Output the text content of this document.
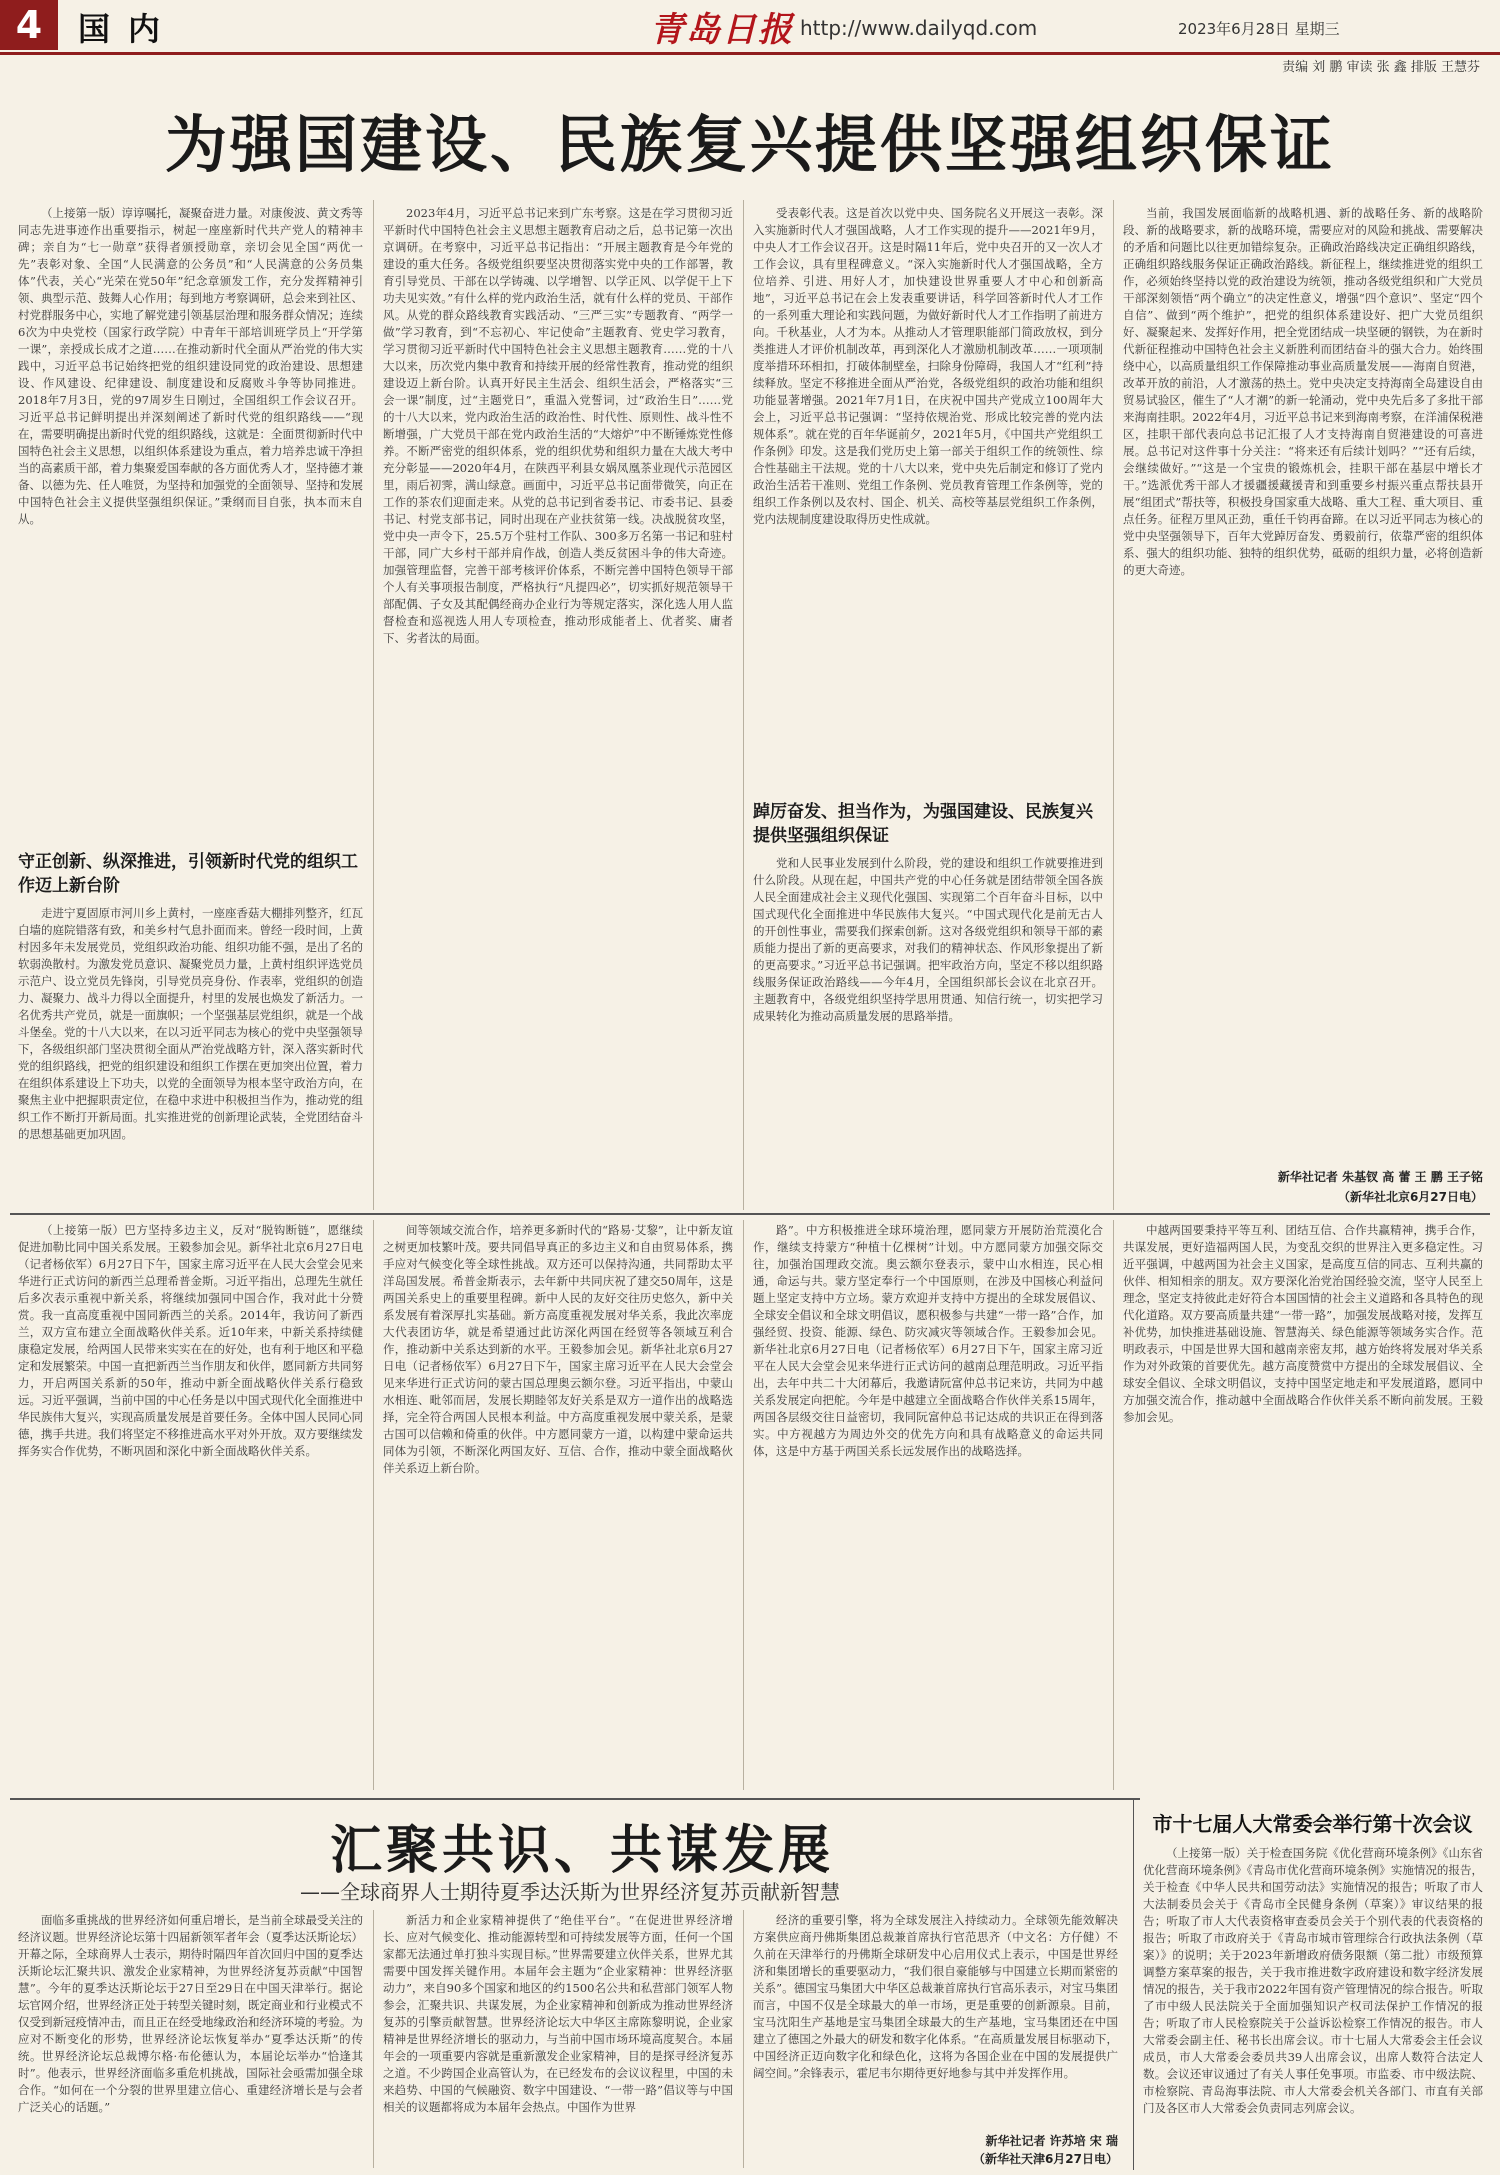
4	国内	青岛日报 http://www.dailyqd.com	2023年6月28日 星期三
责编 刘 鹏 审读 张 鑫 排版 王慧芬
为强国建设、民族复兴提供坚强组织保证

（上接第一版）谆谆嘱托，凝聚奋进力量。对康俊波、黄文秀等同志先进事迹作出重要指示，树起一座座新时代共产党人的精神丰碑；亲自为“七一勋章”获得者颁授勋章，亲切会见全国“两优一先”表彰对象、全国“人民满意的公务员”和“人民满意的公务员集体”代表，关心“光荣在党50年”纪念章颁发工作，充分发挥精神引领、典型示范、鼓舞人心作用；每到地方考察调研，总会来到社区、村党群服务中心，实地了解党建引领基层治理和服务群众情况；连续6次为中央党校（国家行政学院）中青年干部培训班学员上“开学第一课”，亲授成长成才之道……在推动新时代全面从严治党的伟大实践中，习近平总书记始终把党的组织建设同党的政治建设、思想建设、作风建设、纪律建设、制度建设和反腐败斗争等协同推进。2018年7月3日，党的97周岁生日刚过，全国组织工作会议召开。习近平总书记鲜明提出并深刻阐述了新时代党的组织路线——“现在，需要明确提出新时代党的组织路线，这就是：全面贯彻新时代中国特色社会主义思想，以组织体系建设为重点，着力培养忠诚干净担当的高素质干部，着力集聚爱国奉献的各方面优秀人才，坚持德才兼备、以德为先、任人唯贤，为坚持和加强党的全面领导、坚持和发展中国特色社会主义提供坚强组织保证。”秉纲而目自张，执本而末自从。

守正创新、纵深推进，引领新时代党的组织工作迈上新台阶

走进宁夏固原市河川乡上黄村，一座座香菇大棚排列整齐，红瓦白墙的庭院错落有致，和美乡村气息扑面而来。曾经一段时间，上黄村因多年未发展党员，党组织政治功能、组织功能不强，是出了名的软弱涣散村。为激发党员意识、凝聚党员力量，上黄村组织评选党员示范户、设立党员先锋岗，引导党员亮身份、作表率，党组织的创造力、凝聚力、战斗力得以全面提升，村里的发展也焕发了新活力。一名优秀共产党员，就是一面旗帜；一个坚强基层党组织，就是一个战斗堡垒。党的十八大以来，在以习近平同志为核心的党中央坚强领导下，各级组织部门坚决贯彻全面从严治党战略方针，深入落实新时代党的组织路线，把党的组织建设和组织工作摆在更加突出位置，着力在组织体系建设上下功夫，以党的全面领导为根本坚守政治方向，在聚焦主业中把握职责定位，在稳中求进中积极担当作为，推动党的组织工作不断打开新局面。扎实推进党的创新理论武装，全党团结奋斗的思想基础更加巩固。

2023年4月，习近平总书记来到广东考察。这是在学习贯彻习近平新时代中国特色社会主义思想主题教育启动之后，总书记第一次出京调研。在考察中，习近平总书记指出：“开展主题教育是今年党的建设的重大任务。各级党组织要坚决贯彻落实党中央的工作部署，教育引导党员、干部在以学铸魂、以学增智、以学正风、以学促干上下功夫见实效。”有什么样的党内政治生活，就有什么样的党员、干部作风。从党的群众路线教育实践活动、“三严三实”专题教育、“两学一做”学习教育，到“不忘初心、牢记使命”主题教育、党史学习教育，学习贯彻习近平新时代中国特色社会主义思想主题教育……党的十八大以来，历次党内集中教育和持续开展的经常性教育，推动党的组织建设迈上新台阶。认真开好民主生活会、组织生活会，严格落实“三会一课”制度，过“主题党日”，重温入党誓词，过“政治生日”……党的十八大以来，党内政治生活的政治性、时代性、原则性、战斗性不断增强，广大党员干部在党内政治生活的“大熔炉”中不断锤炼党性修养。不断严密党的组织体系，党的组织优势和组织力量在大战大考中充分彰显——2020年4月，在陕西平利县女娲凤凰茶业现代示范园区里，雨后初霁，满山绿意。画面中，习近平总书记面带微笑，向正在工作的茶农们迎面走来。从党的总书记到省委书记、市委书记、县委书记、村党支部书记，同时出现在产业扶贫第一线。决战脱贫攻坚，党中央一声令下，25.5万个驻村工作队、300多万名第一书记和驻村干部，同广大乡村干部并肩作战，创造人类反贫困斗争的伟大奇迹。加强管理监督，完善干部考核评价体系，不断完善中国特色领导干部个人有关事项报告制度，严格执行“凡提四必”，切实抓好规范领导干部配偶、子女及其配偶经商办企业行为等规定落实，深化选人用人监督检查和巡视选人用人专项检查，推动形成能者上、优者奖、庸者下、劣者汰的局面。

受表彰代表。这是首次以党中央、国务院名义开展这一表彰。深入实施新时代人才强国战略，人才工作实现的提升——2021年9月，中央人才工作会议召开。这是时隔11年后，党中央召开的又一次人才工作会议，具有里程碑意义。“深入实施新时代人才强国战略，全方位培养、引进、用好人才，加快建设世界重要人才中心和创新高地”，习近平总书记在会上发表重要讲话，科学回答新时代人才工作的一系列重大理论和实践问题，为做好新时代人才工作指明了前进方向。千秋基业，人才为本。从推动人才管理职能部门简政放权，到分类推进人才评价机制改革，再到深化人才激励机制改革……一项项制度举措环环相扣，打破体制壁垒，扫除身份障碍，我国人才“红利”持续释放。坚定不移推进全面从严治党，各级党组织的政治功能和组织功能显著增强。2021年7月1日，在庆祝中国共产党成立100周年大会上，习近平总书记强调：“坚持依规治党、形成比较完善的党内法规体系”。就在党的百年华诞前夕，2021年5月，《中国共产党组织工作条例》印发。这是我们党历史上第一部关于组织工作的统领性、综合性基础主干法规。党的十八大以来，党中央先后制定和修订了党内政治生活若干准则、党组工作条例、党员教育管理工作条例等，党的组织工作条例以及农村、国企、机关、高校等基层党组织工作条例，党内法规制度建设取得历史性成就。

踔厉奋发、担当作为，为强国建设、民族复兴提供坚强组织保证

党和人民事业发展到什么阶段，党的建设和组织工作就要推进到什么阶段。从现在起，中国共产党的中心任务就是团结带领全国各族人民全面建成社会主义现代化强国、实现第二个百年奋斗目标，以中国式现代化全面推进中华民族伟大复兴。“中国式现代化是前无古人的开创性事业，需要我们探索创新。这对各级党组织和领导干部的素质能力提出了新的更高要求，对我们的精神状态、作风形象提出了新的更高要求。”习近平总书记强调。把牢政治方向，坚定不移以组织路线服务保证政治路线——今年4月，全国组织部长会议在北京召开。主题教育中，各级党组织坚持学思用贯通、知信行统一，切实把学习成果转化为推动高质量发展的思路举措。

当前，我国发展面临新的战略机遇、新的战略任务、新的战略阶段、新的战略要求，新的战略环境，需要应对的风险和挑战、需要解决的矛盾和问题比以往更加错综复杂。正确政治路线决定正确组织路线，正确组织路线服务保证正确政治路线。新征程上，继续推进党的组织工作，必须始终坚持以党的政治建设为统领，推动各级党组织和广大党员干部深刻领悟“两个确立”的决定性意义，增强“四个意识”、坚定“四个自信”、做到“两个维护”，把党的组织体系建设好、把广大党员组织好、凝聚起来、发挥好作用，把全党团结成一块坚硬的钢铁，为在新时代新征程推动中国特色社会主义新胜利而团结奋斗的强大合力。始终围绕中心，以高质量组织工作保障推动事业高质量发展——海南自贸港，改革开放的前沿，人才激荡的热土。党中央决定支持海南全岛建设自由贸易试验区，催生了“人才潮”的新一轮涌动，党中央先后多了多批干部来海南挂职。2022年4月，习近平总书记来到海南考察，在洋浦保税港区，挂职干部代表向总书记汇报了人才支持海南自贸港建设的可喜进展。总书记对这件事十分关注：“将来还有后续计划吗？”“还有后续，会继续做好。”“这是一个宝贵的锻炼机会，挂职干部在基层中增长才干。”选派优秀干部人才援疆援藏援青和到重要乡村振兴重点帮扶县开展“组团式”帮扶等，积极投身国家重大战略、重大工程、重大项目、重点任务。征程万里风正劲，重任千钧再奋蹄。在以习近平同志为核心的党中央坚强领导下，百年大党踔厉奋发、勇毅前行，依靠严密的组织体系、强大的组织功能、独特的组织优势，砥砺的组织力量，必将创造新的更大奇迹。

新华社记者 朱基钗 高 蕾 王 鹏 王子铭
（新华社北京6月27日电）

（上接第一版）巴方坚持多边主义，反对“脱钩断链”，愿继续促进加勒比同中国关系发展。王毅参加会见。新华社北京6月27日电（记者杨依军）6月27日下午，国家主席习近平在人民大会堂会见来华进行正式访问的新西兰总理希普金斯。习近平指出，总理先生就任后多次表示重视中新关系，将继续加强同中国合作，我对此十分赞赏。我一直高度重视中国同新西兰的关系。2014年，我访问了新西兰，双方宣布建立全面战略伙伴关系。近10年来，中新关系持续健康稳定发展，给两国人民带来实实在在的好处，也有利于地区和平稳定和发展繁荣。中国一直把新西兰当作朋友和伙伴，愿同新方共同努力，开启两国关系新的50年，推动中新全面战略伙伴关系行稳致远。习近平强调，当前中国的中心任务是以中国式现代化全面推进中华民族伟大复兴，实现高质量发展是首要任务。全体中国人民同心同德，携手共进。我们将坚定不移推进高水平对外开放。双方要继续发挥务实合作优势，不断巩固和深化中新全面战略伙伴关系。

间等领域交流合作，培养更多新时代的“路易·艾黎”，让中新友谊之树更加枝繁叶茂。要共同倡导真正的多边主义和自由贸易体系，携手应对气候变化等全球性挑战。双方还可以保持沟通，共同帮助太平洋岛国发展。希普金斯表示，去年新中共同庆祝了建交50周年，这是两国关系史上的重要里程碑。新中人民的友好交往历史悠久，新中关系发展有着深厚扎实基础。新方高度重视发展对华关系，我此次率庞大代表团访华，就是希望通过此访深化两国在经贸等各领域互利合作，推动新中关系达到新的水平。王毅参加会见。新华社北京6月27日电（记者杨依军）6月27日下午，国家主席习近平在人民大会堂会见来华进行正式访问的蒙古国总理奥云额尔登。习近平指出，中蒙山水相连、毗邻而居，发展长期睦邻友好关系是双方一道作出的战略选择，完全符合两国人民根本利益。中方高度重视发展中蒙关系，是蒙古国可以信赖和倚重的伙伴。中方愿同蒙方一道，以构建中蒙命运共同体为引领，不断深化两国友好、互信、合作，推动中蒙全面战略伙伴关系迈上新台阶。

路”。中方积极推进全球环境治理，愿同蒙方开展防治荒漠化合作，继续支持蒙方“种植十亿棵树”计划。中方愿同蒙方加强交际交往，加强治国理政交流。奥云额尔登表示，蒙中山水相连，民心相通，命运与共。蒙方坚定奉行一个中国原则，在涉及中国核心利益问题上坚定支持中方立场。蒙方欢迎并支持中方提出的全球发展倡议、全球安全倡议和全球文明倡议，愿积极参与共建“一带一路”合作，加强经贸、投资、能源、绿色、防灾减灾等领域合作。王毅参加会见。新华社北京6月27日电（记者杨依军）6月27日下午，国家主席习近平在人民大会堂会见来华进行正式访问的越南总理范明政。习近平指出，去年中共二十大闭幕后，我邀请阮富仲总书记来访，共同为中越关系发展定向把舵。今年是中越建立全面战略合作伙伴关系15周年，两国各层级交往日益密切，我同阮富仲总书记达成的共识正在得到落实。中方视越方为周边外交的优先方向和具有战略意义的命运共同体，这是中方基于两国关系长远发展作出的战略选择。

中越两国要秉持平等互利、团结互信、合作共赢精神，携手合作，共谋发展，更好造福两国人民，为变乱交织的世界注入更多稳定性。习近平强调，中越两国为社会主义国家，是高度互信的同志、互利共赢的伙伴、相知相亲的朋友。双方要深化治党治国经验交流，坚守人民至上理念，坚定支持彼此走好符合本国国情的社会主义道路和各具特色的现代化道路。双方要高质量共建“一带一路”，加强发展战略对接，发挥互补优势，加快推进基础设施、智慧海关、绿色能源等领域务实合作。范明政表示，中国是世界大国和越南亲密友邦，越方始终将发展对华关系作为对外政策的首要优先。越方高度赞赏中方提出的全球发展倡议、全球安全倡议、全球文明倡议，支持中国坚定地走和平发展道路，愿同中方加强交流合作，推动越中全面战略合作伙伴关系不断向前发展。王毅参加会见。

汇聚共识、共谋发展
——全球商界人士期待夏季达沃斯为世界经济复苏贡献新智慧

面临多重挑战的世界经济如何重启增长，是当前全球最受关注的经济议题。世界经济论坛第十四届新领军者年会（夏季达沃斯论坛）开幕之际，全球商界人士表示，期待时隔四年首次回归中国的夏季达沃斯论坛汇聚共识、激发企业家精神，为世界经济复苏贡献“中国智慧”。今年的夏季达沃斯论坛于27日至29日在中国天津举行。据论坛官网介绍，世界经济正处于转型关键时刻，既定商业和行业模式不仅受到新冠疫情冲击，而且正在经受地缘政治和经济环境的考验。为应对不断变化的形势，世界经济论坛恢复举办“夏季达沃斯”的传统。世界经济论坛总裁博尔格·布伦德认为，本届论坛举办“恰逢其时”。他表示，世界经济面临多重危机挑战，国际社会亟需加强全球合作。“如何在一个分裂的世界里建立信心、重建经济增长是与会者广泛关心的话题。”

新活力和企业家精神提供了“绝佳平台”。“在促进世界经济增长、应对气候变化、推动能源转型和可持续发展等方面，任何一个国家都无法通过单打独斗实现目标。”世界需要建立伙伴关系，世界尤其需要中国发挥关键作用。本届年会主题为“企业家精神：世界经济驱动力”，来自90多个国家和地区的约1500名公共和私营部门领军人物参会，汇聚共识、共谋发展，为企业家精神和创新成为推动世界经济复苏的引擎贡献智慧。世界经济论坛大中华区主席陈黎明说，企业家精神是世界经济增长的驱动力，与当前中国市场环境高度契合。本届年会的一项重要内容就是重新激发企业家精神，目的是探寻经济复苏之道。不少跨国企业高管认为，在已经发布的会议议程里，中国的未来趋势、中国的气候融资、数字中国建设、“一带一路”倡议等与中国相关的议题都将成为本届年会热点。中国作为世界

经济的重要引擎，将为全球发展注入持续动力。全球领先能效解决方案供应商丹佛斯集团总裁兼首席执行官范思齐（中文名：方仔健）不久前在天津举行的丹佛斯全球研发中心启用仪式上表示，中国是世界经济和集团增长的重要驱动力，“我们很自豪能够与中国建立长期而紧密的关系”。德国宝马集团大中华区总裁兼首席执行官高乐表示，对宝马集团而言，中国不仅是全球最大的单一市场，更是重要的创新源泉。目前，宝马沈阳生产基地是宝马集团全球最大的生产基地，宝马集团还在中国建立了德国之外最大的研发和数字化体系。“在高质量发展目标驱动下，中国经济正迈向数字化和绿色化，这将为各国企业在中国的发展提供广阔空间。”余锋表示，霍尼韦尔期待更好地参与其中并发挥作用。

新华社记者 许苏培 宋 瑞
（新华社天津6月27日电）
市十七届人大常委会举行第十次会议

（上接第一版）关于检查国务院《优化营商环境条例》《山东省优化营商环境条例》《青岛市优化营商环境条例》实施情况的报告，关于检查《中华人民共和国劳动法》实施情况的报告；听取了市人大法制委员会关于《青岛市全民健身条例（草案）》审议结果的报告；听取了市人大代表资格审查委员会关于个别代表的代表资格的报告；听取了市政府关于《青岛市城市管理综合行政执法条例（草案）》的说明；关于2023年新增政府债务限额（第二批）市级预算调整方案草案的报告，关于我市推进数字政府建设和数字经济发展情况的报告，关于我市2022年国有资产管理情况的综合报告。听取了市中级人民法院关于全面加强知识产权司法保护工作情况的报告；听取了市人民检察院关于公益诉讼检察工作情况的报告。市人大常委会副主任、秘书长出席会议。市十七届人大常委会主任会议成员，市人大常委会委员共39人出席会议，出席人数符合法定人数。会议还审议通过了有关人事任免事项。市监委、市中级法院、市检察院、青岛海事法院、市人大常委会机关各部门、市直有关部门及各区市人大常委会负责同志列席会议。
